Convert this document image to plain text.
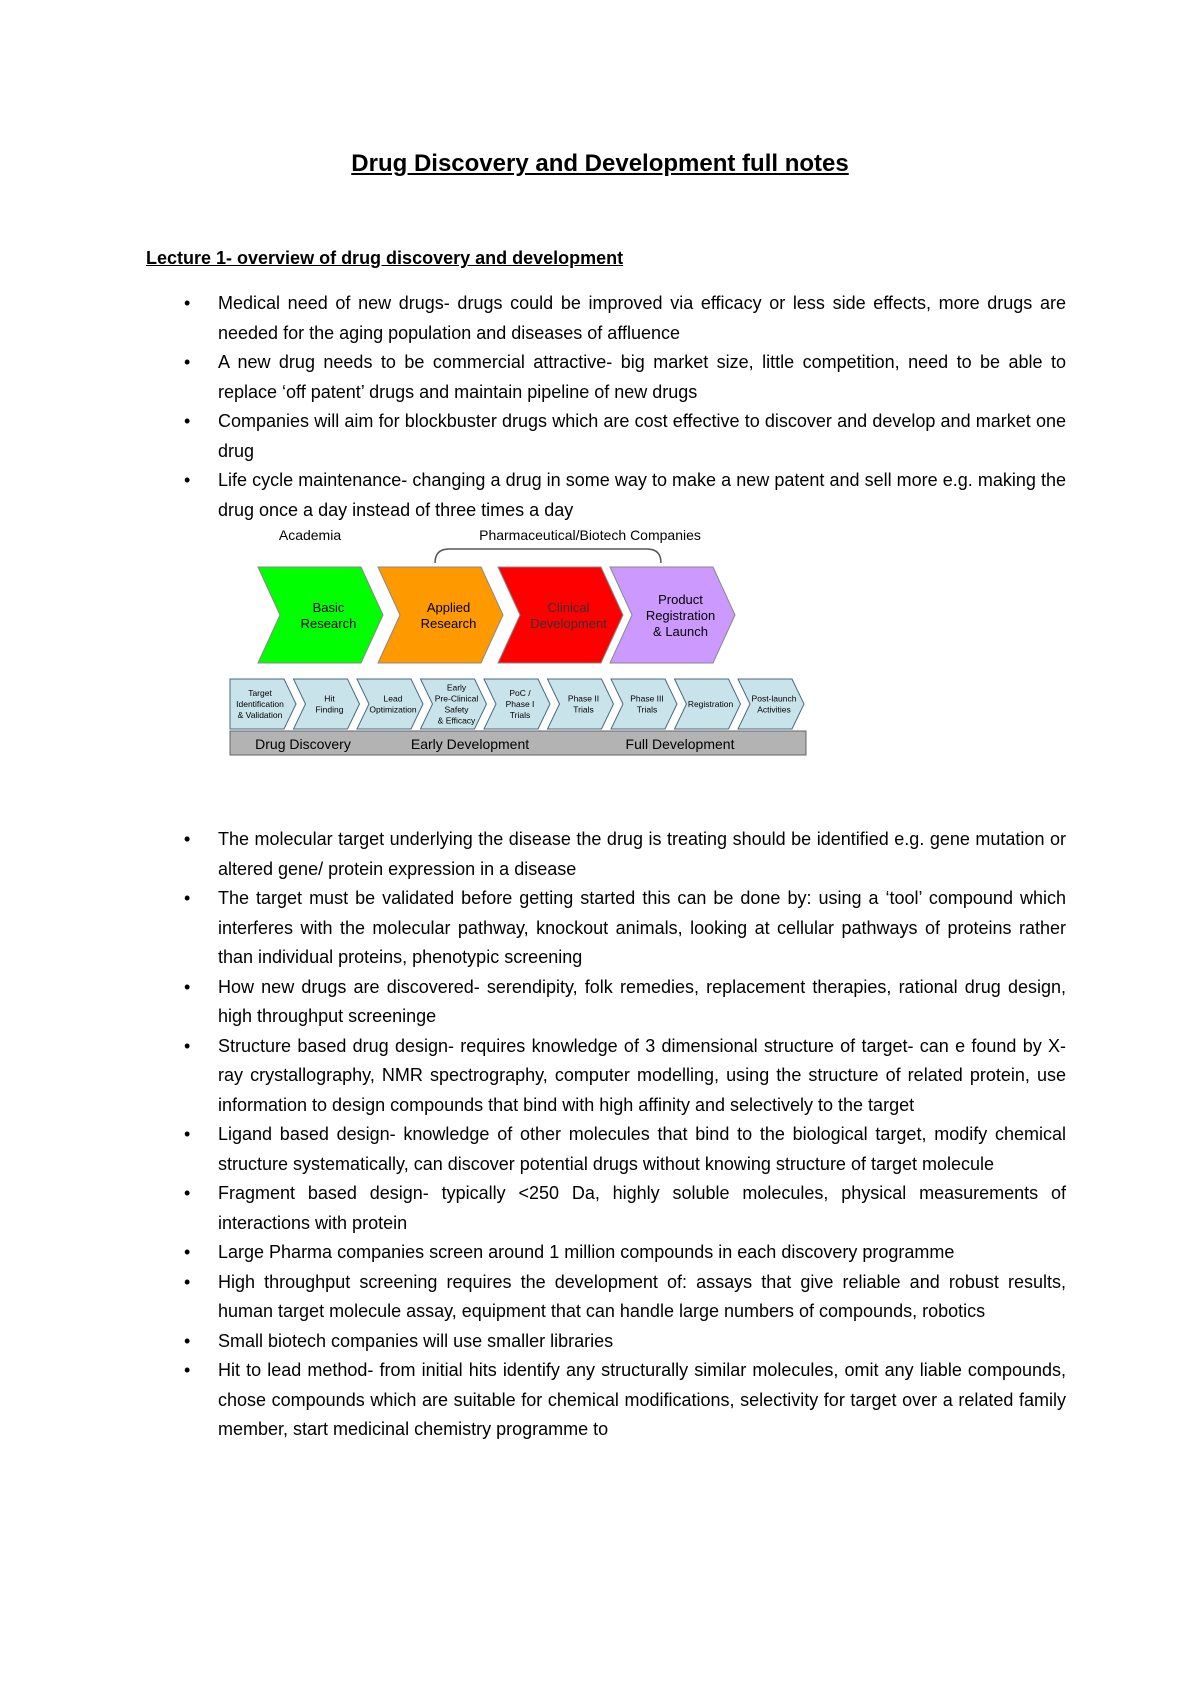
Drug Discovery and Development full notes
Lecture 1- overview of drug discovery and development
• Medical need of new drugs- drugs could be improved via efficacy or less side effects, more drugs are needed for the aging population and diseases of affluence
• A new drug needs to be commercial attractive- big market size, little competition, need to be able to replace ‘off patent’ drugs and maintain pipeline of new drugs
• Companies will aim for blockbuster drugs which are cost effective to discover and develop and market one drug
• Life cycle maintenance- changing a drug in some way to make a new patent and sell more e.g. making the drug once a day instead of three times a day
Academia	Pharmaceutical/Biotech Companies
Basic
Research
Applied
Research
Clinical
Development
Product
Registration
& Launch
Target
Identification
& Validation
Hit
Finding
Lead
Optimization
Early
Pre-Clinical
Safety
& Efficacy
PoC /
Phase I
Trials
Phase II
Trials
Phase III
Trials
Registration
Post-launch
Activities
Drug Discovery	Early Development	Full Development
• The molecular target underlying the disease the drug is treating should be identified e.g. gene mutation or altered gene/ protein expression in a disease
• The target must be validated before getting started this can be done by: using a ‘tool’ compound which interferes with the molecular pathway, knockout animals, looking at cellular pathways of proteins rather than individual proteins, phenotypic screening
• How new drugs are discovered- serendipity, folk remedies, replacement therapies, rational drug design, high throughput screeninge
• Structure based drug design- requires knowledge of 3 dimensional structure of target- can e found by X-ray crystallography, NMR spectrography, computer modelling, using the structure of related protein, use information to design compounds that bind with high affinity and selectively to the target
• Ligand based design- knowledge of other molecules that bind to the biological target, modify chemical structure systematically, can discover potential drugs without knowing structure of target molecule
• Fragment based design- typically <250 Da, highly soluble molecules, physical measurements of interactions with protein
• Large Pharma companies screen around 1 million compounds in each discovery programme
• High throughput screening requires the development of: assays that give reliable and robust results, human target molecule assay, equipment that can handle large numbers of compounds, robotics
• Small biotech companies will use smaller libraries
• Hit to lead method- from initial hits identify any structurally similar molecules, omit any liable compounds, chose compounds which are suitable for chemical modifications, selectivity for target over a related family member, start medicinal chemistry programme to
